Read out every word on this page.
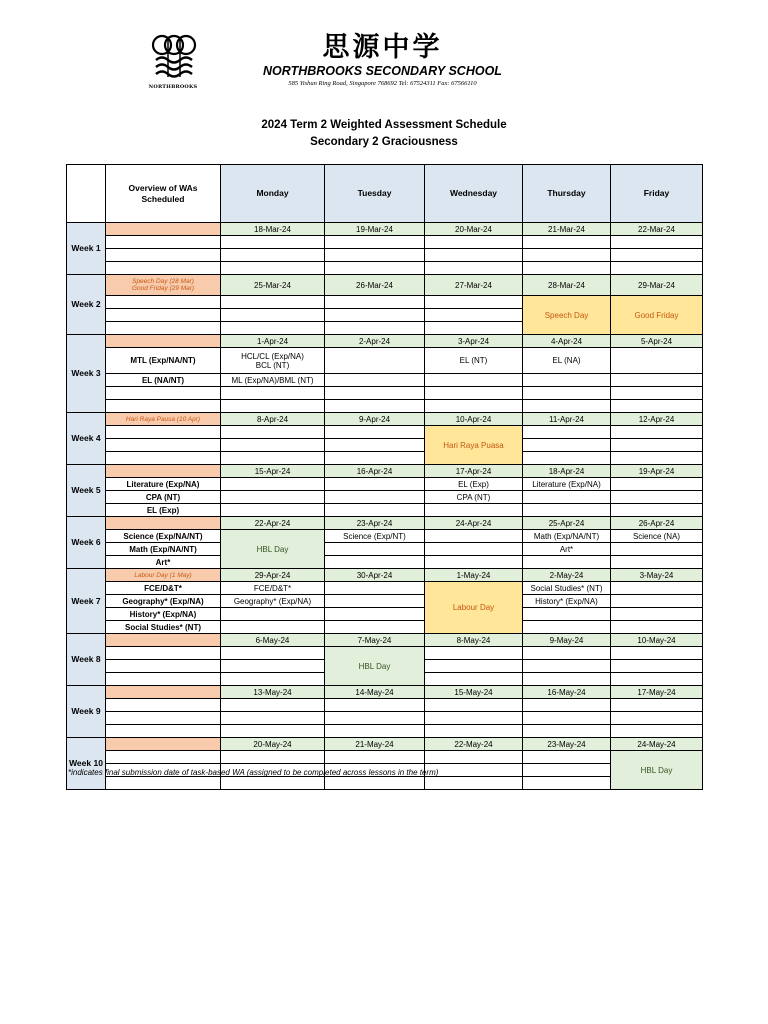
NORTHBROOKS
思源中学
NORTHBROOKS SECONDARY SCHOOL
585 Yishun Ring Road, Singapore 768692 Tel: 67524311 Fax: 67566110
2024 Term 2 Weighted Assessment Schedule
Secondary 2 Graciousness
	Overview of WAs
Scheduled	Monday	Tuesday	Wednesday	Thursday	Friday
Week 1		18-Mar-24	19-Mar-24	20-Mar-24	21-Mar-24	22-Mar-24

Week 2	Speech Day (28 Mar)
Good Friday (29 Mar)	25-Mar-24	26-Mar-24	27-Mar-24	28-Mar-24	29-Mar-24
					Speech Day	Good Friday

Week 3		1-Apr-24	2-Apr-24	3-Apr-24	4-Apr-24	5-Apr-24
	MTL (Exp/NA/NT)	HCL/CL (Exp/NA)
BCL (NT)		EL (NT)	EL (NA)	
	EL (NA/NT)	ML (Exp/NA)/BML (NT)				

Week 4	Hari Raya Pausa (10 Apr)	8-Apr-24	9-Apr-24	10-Apr-24	11-Apr-24	12-Apr-24
				Hari Raya Puasa		

Week 5		15-Apr-24	16-Apr-24	17-Apr-24	18-Apr-24	19-Apr-24
	Literature (Exp/NA)			EL (Exp)	Literature (Exp/NA)	
	CPA (NT)			CPA (NT)		
	EL (Exp)					
Week 6		22-Apr-24	23-Apr-24	24-Apr-24	25-Apr-24	26-Apr-24
	Science (Exp/NA/NT)	HBL Day	Science (Exp/NT)		Math (Exp/NA/NT)	Science (NA)
	Math (Exp/NA/NT)				Art*	
	Art*					
Week 7	Labour Day (1 May)	29-Apr-24	30-Apr-24	1-May-24	2-May-24	3-May-24
	FCE/D&T*	FCE/D&T*		Labour Day	Social Studies* (NT)	
	Geography* (Exp/NA)	Geography* (Exp/NA)			History* (Exp/NA)	
	History* (Exp/NA)					
	Social Studies* (NT)					
Week 8		6-May-24	7-May-24	8-May-24	9-May-24	10-May-24
			HBL Day			

Week 9		13-May-24	14-May-24	15-May-24	16-May-24	17-May-24

Week 10		20-May-24	21-May-24	22-May-24	23-May-24	24-May-24
						HBL Day

*indicates final submission date of task-based WA (assigned to be completed across lessons in the term)
